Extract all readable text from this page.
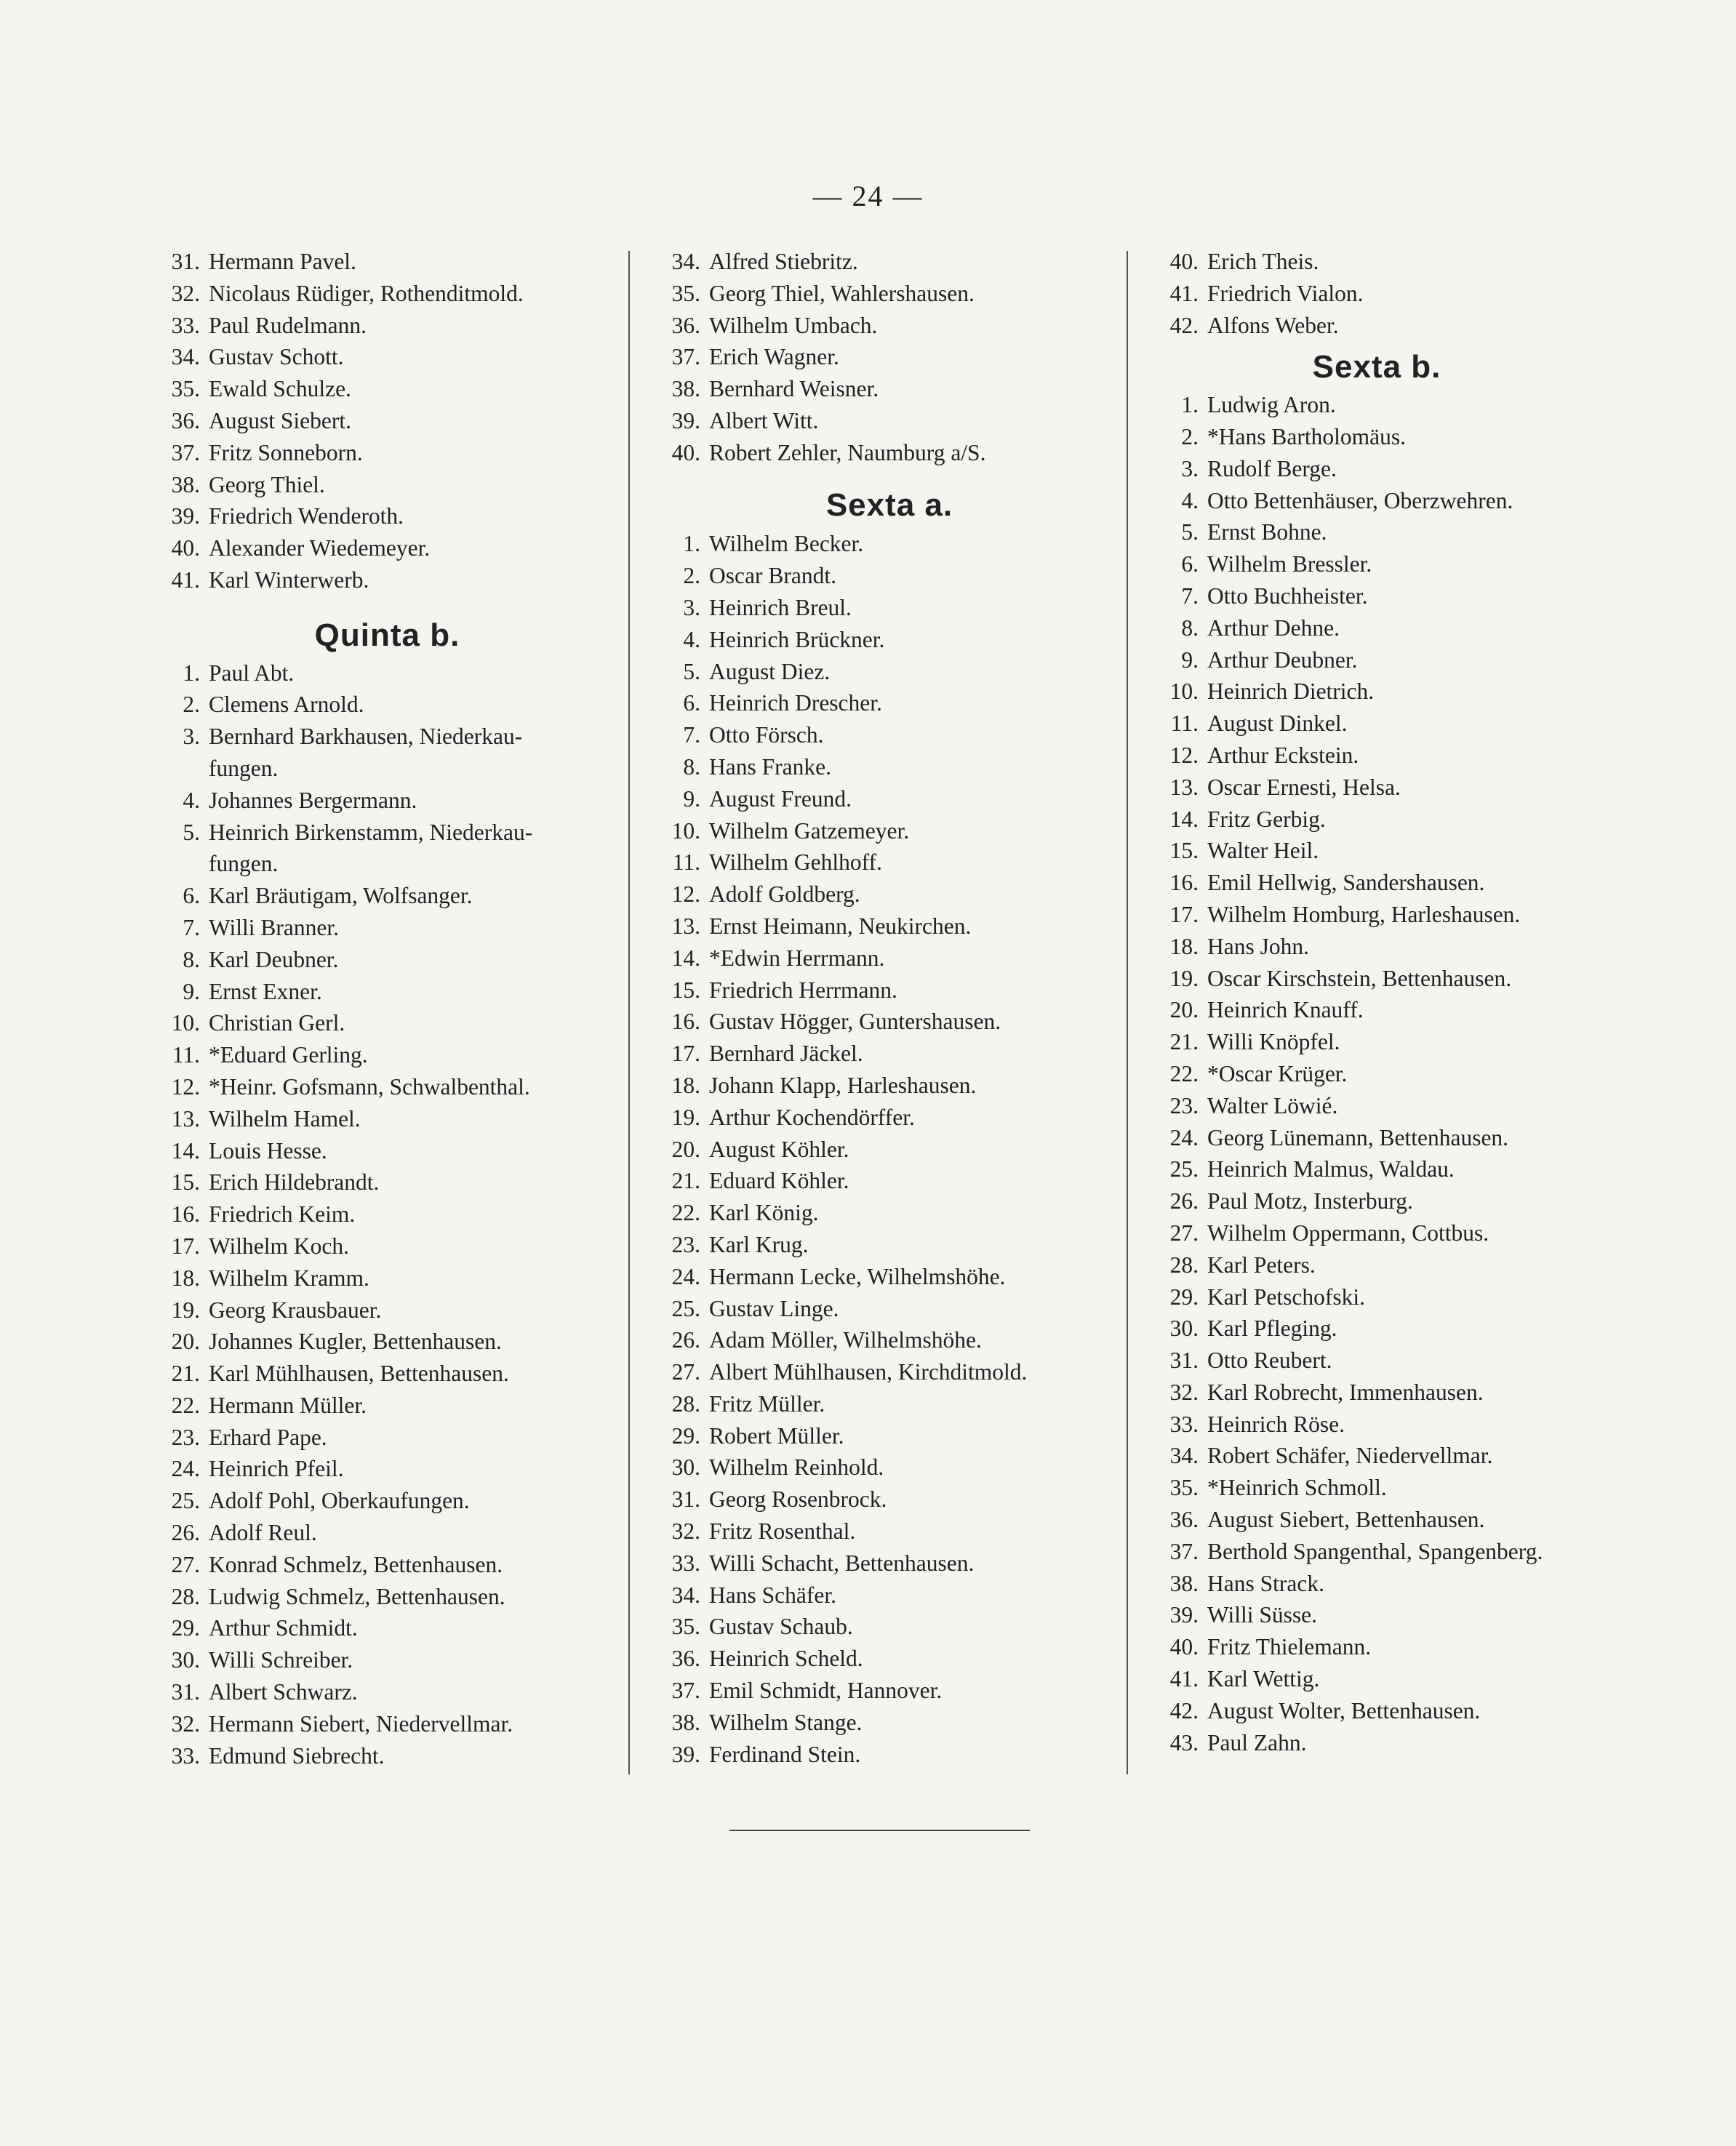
— 24 —
31. Hermann Pavel.
32. Nicolaus Rüdiger, Rothenditmold.
33. Paul Rudelmann.
34. Gustav Schott.
35. Ewald Schulze.
36. August Siebert.
37. Fritz Sonneborn.
38. Georg Thiel.
39. Friedrich Wenderoth.
40. Alexander Wiedemeyer.
41. Karl Winterwerb.
Quinta b.
1. Paul Abt.
2. Clemens Arnold.
3. Bernhard Barkhausen, Niederkau-
fungen.
4. Johannes Bergermann.
5. Heinrich Birkenstamm, Niederkau-
fungen.
6. Karl Bräutigam, Wolfsanger.
7. Willi Branner.
8. Karl Deubner.
9. Ernst Exner.
10. Christian Gerl.
11. *Eduard Gerling.
12. *Heinr. Gofsmann, Schwalbenthal.
13. Wilhelm Hamel.
14. Louis Hesse.
15. Erich Hildebrandt.
16. Friedrich Keim.
17. Wilhelm Koch.
18. Wilhelm Kramm.
19. Georg Krausbauer.
20. Johannes Kugler, Bettenhausen.
21. Karl Mühlhausen, Bettenhausen.
22. Hermann Müller.
23. Erhard Pape.
24. Heinrich Pfeil.
25. Adolf Pohl, Oberkaufungen.
26. Adolf Reul.
27. Konrad Schmelz, Bettenhausen.
28. Ludwig Schmelz, Bettenhausen.
29. Arthur Schmidt.
30. Willi Schreiber.
31. Albert Schwarz.
32. Hermann Siebert, Niedervellmar.
33. Edmund Siebrecht.
34. Alfred Stiebritz.
35. Georg Thiel, Wahlershausen.
36. Wilhelm Umbach.
37. Erich Wagner.
38. Bernhard Weisner.
39. Albert Witt.
40. Robert Zehler, Naumburg a/S.
Sexta a.
1. Wilhelm Becker.
2. Oscar Brandt.
3. Heinrich Breul.
4. Heinrich Brückner.
5. August Diez.
6. Heinrich Drescher.
7. Otto Försch.
8. Hans Franke.
9. August Freund.
10. Wilhelm Gatzemeyer.
11. Wilhelm Gehlhoff.
12. Adolf Goldberg.
13. Ernst Heimann, Neukirchen.
14. *Edwin Herrmann.
15. Friedrich Herrmann.
16. Gustav Högger, Guntershausen.
17. Bernhard Jäckel.
18. Johann Klapp, Harleshausen.
19. Arthur Kochendörffer.
20. August Köhler.
21. Eduard Köhler.
22. Karl König.
23. Karl Krug.
24. Hermann Lecke, Wilhelmshöhe.
25. Gustav Linge.
26. Adam Möller, Wilhelmshöhe.
27. Albert Mühlhausen, Kirchditmold.
28. Fritz Müller.
29. Robert Müller.
30. Wilhelm Reinhold.
31. Georg Rosenbrock.
32. Fritz Rosenthal.
33. Willi Schacht, Bettenhausen.
34. Hans Schäfer.
35. Gustav Schaub.
36. Heinrich Scheld.
37. Emil Schmidt, Hannover.
38. Wilhelm Stange.
39. Ferdinand Stein.
40. Erich Theis.
41. Friedrich Vialon.
42. Alfons Weber.
Sexta b.
1. Ludwig Aron.
2. *Hans Bartholomäus.
3. Rudolf Berge.
4. Otto Bettenhäuser, Oberzwehren.
5. Ernst Bohne.
6. Wilhelm Bressler.
7. Otto Buchheister.
8. Arthur Dehne.
9. Arthur Deubner.
10. Heinrich Dietrich.
11. August Dinkel.
12. Arthur Eckstein.
13. Oscar Ernesti, Helsa.
14. Fritz Gerbig.
15. Walter Heil.
16. Emil Hellwig, Sandershausen.
17. Wilhelm Homburg, Harleshausen.
18. Hans John.
19. Oscar Kirschstein, Bettenhausen.
20. Heinrich Knauff.
21. Willi Knöpfel.
22. *Oscar Krüger.
23. Walter Löwié.
24. Georg Lünemann, Bettenhausen.
25. Heinrich Malmus, Waldau.
26. Paul Motz, Insterburg.
27. Wilhelm Oppermann, Cottbus.
28. Karl Peters.
29. Karl Petschofski.
30. Karl Pfleging.
31. Otto Reubert.
32. Karl Robrecht, Immenhausen.
33. Heinrich Röse.
34. Robert Schäfer, Niedervellmar.
35. *Heinrich Schmoll.
36. August Siebert, Bettenhausen.
37. Berthold Spangenthal, Spangenberg.
38. Hans Strack.
39. Willi Süsse.
40. Fritz Thielemann.
41. Karl Wettig.
42. August Wolter, Bettenhausen.
43. Paul Zahn.
